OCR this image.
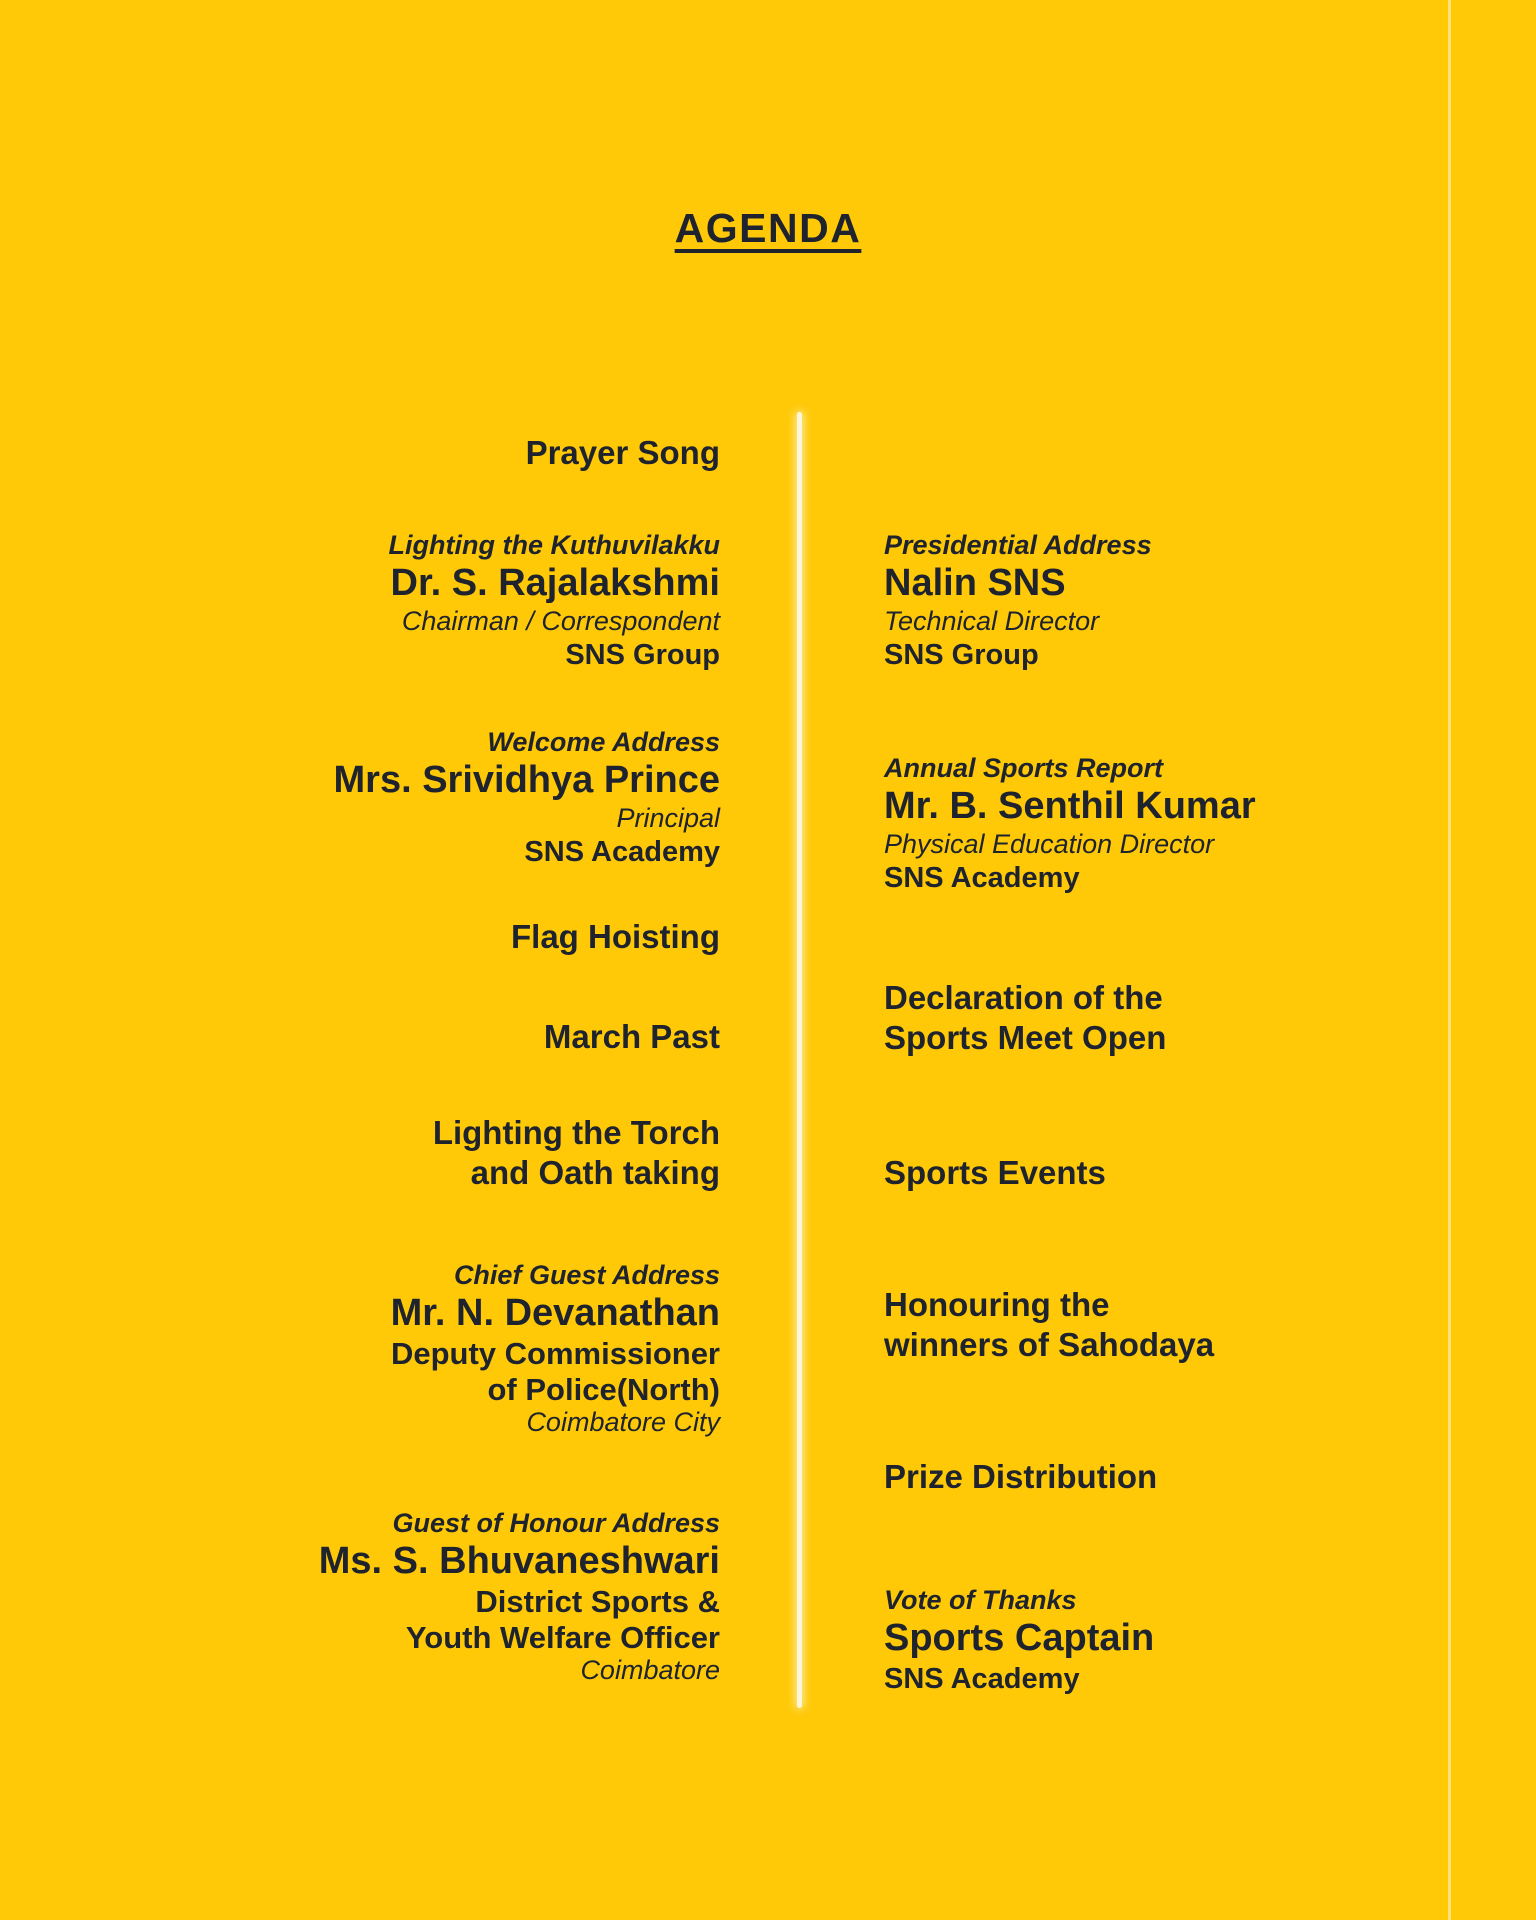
AGENDA
Prayer Song
Lighting the Kuthuvilakku
Dr. S. Rajalakshmi
Chairman / Correspondent
SNS Group
Welcome Address
Mrs. Srividhya Prince
Principal
SNS Academy
Flag Hoisting
March Past
Lighting the Torch
and Oath taking
Chief Guest Address
Mr. N. Devanathan
Deputy Commissioner
of Police(North)
Coimbatore City
Guest of Honour Address
Ms. S. Bhuvaneshwari
District Sports &
Youth Welfare Officer
Coimbatore
Presidential Address
Nalin SNS
Technical Director
SNS Group
Annual Sports Report
Mr. B. Senthil Kumar
Physical Education Director
SNS Academy
Declaration of the
Sports Meet Open
Sports Events
Honouring the
winners of Sahodaya
Prize Distribution
Vote of Thanks
Sports Captain
SNS Academy
